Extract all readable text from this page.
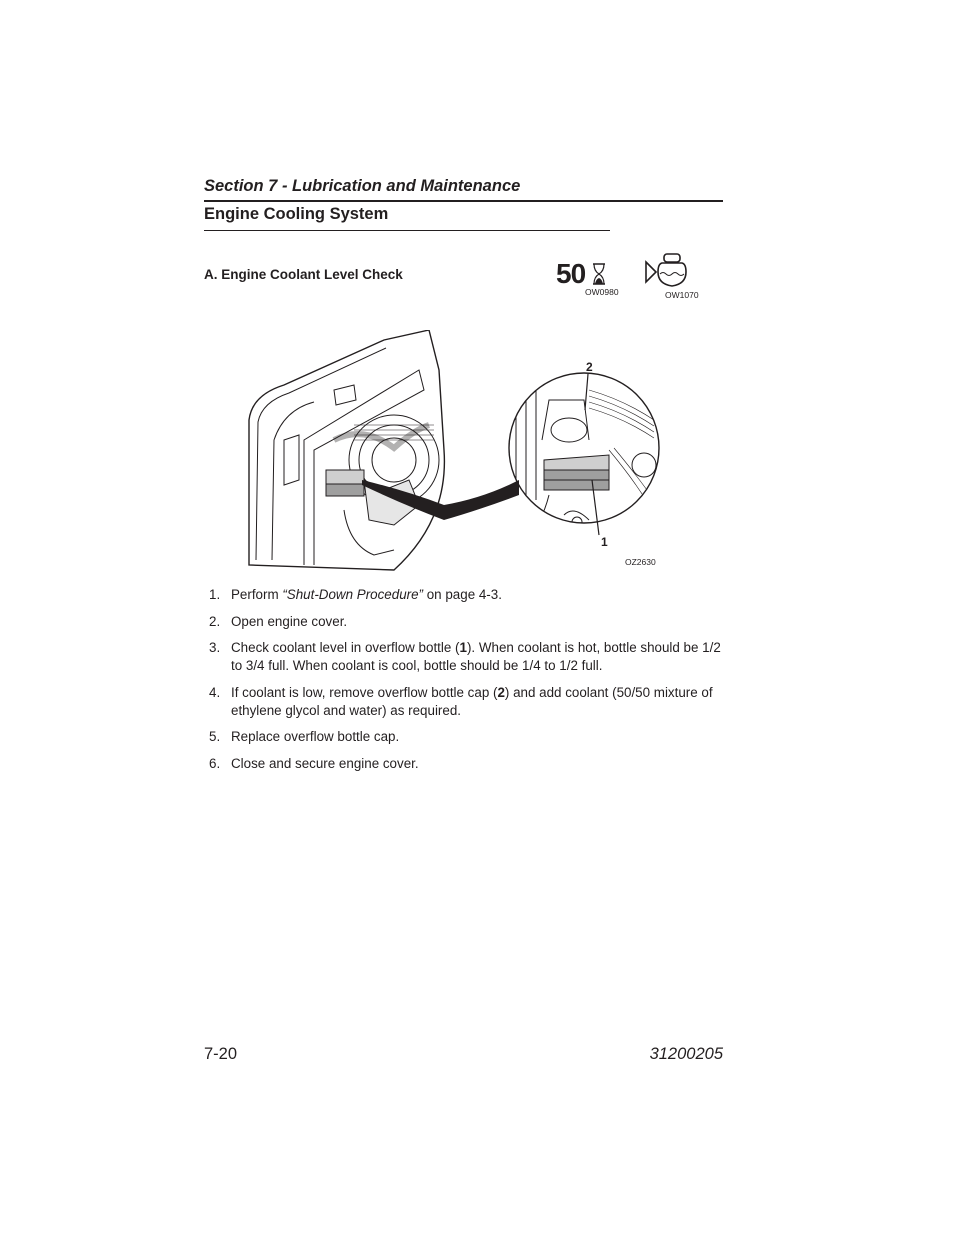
Section 7 - Lubrication and Maintenance
Engine Cooling System
A. Engine Coolant Level Check	50
OW0980	OW1070
2
1
OZ2630
1. Perform “Shut-Down Procedure” on page 4-3.
2. Open engine cover.
3. Check coolant level in overflow bottle (1). When coolant is hot, bottle should be 1/2 to 3/4 full. When coolant is cool, bottle should be 1/4 to 1/2 full.
4. If coolant is low, remove overflow bottle cap (2) and add coolant (50/50 mixture of ethylene glycol and water) as required.
5. Replace overflow bottle cap.
6. Close and secure engine cover.
7-20	31200205
